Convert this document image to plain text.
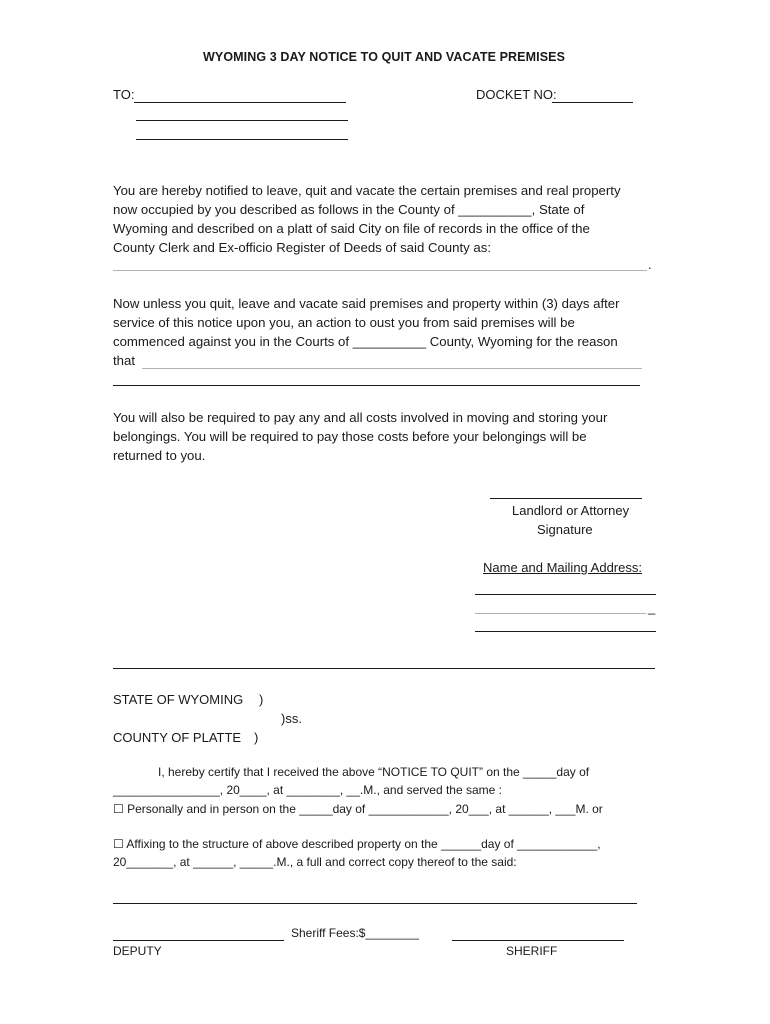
WYOMING 3 DAY NOTICE TO QUIT AND VACATE PREMISES
TO:	DOCKET NO:
You are hereby notified to leave, quit and vacate the certain premises and real property
now occupied by you described as follows in the County of __________, State of
Wyoming and described on a platt of said City on file of records in the office of the
County Clerk and Ex-officio Register of Deeds of said County as:
.
Now unless you quit, leave and vacate said premises and property within (3) days after
service of this notice upon you, an action to oust you from said premises will be
commenced against you in the Courts of __________ County, Wyoming for the reason
that
You will also be required to pay any and all costs involved in moving and storing your
belongings. You will be required to pay those costs before your belongings will be
returned to you.
Landlord or Attorney
Signature
Name and Mailing Address:
_
STATE OF WYOMING )
)ss.
COUNTY OF PLATTE )
I, hereby certify that I received the above “NOTICE TO QUIT” on the _____day of
________________, 20____, at ________, __.M., and served the same :
☐ Personally and in person on the _____day of ____________, 20___, at ______, ___M. or
☐ Affixing to the structure of above described property on the ______day of ____________,
20_______, at ______, _____.M., a full and correct copy thereof to the said:
Sheriff Fees:$________
DEPUTY	SHERIFF
